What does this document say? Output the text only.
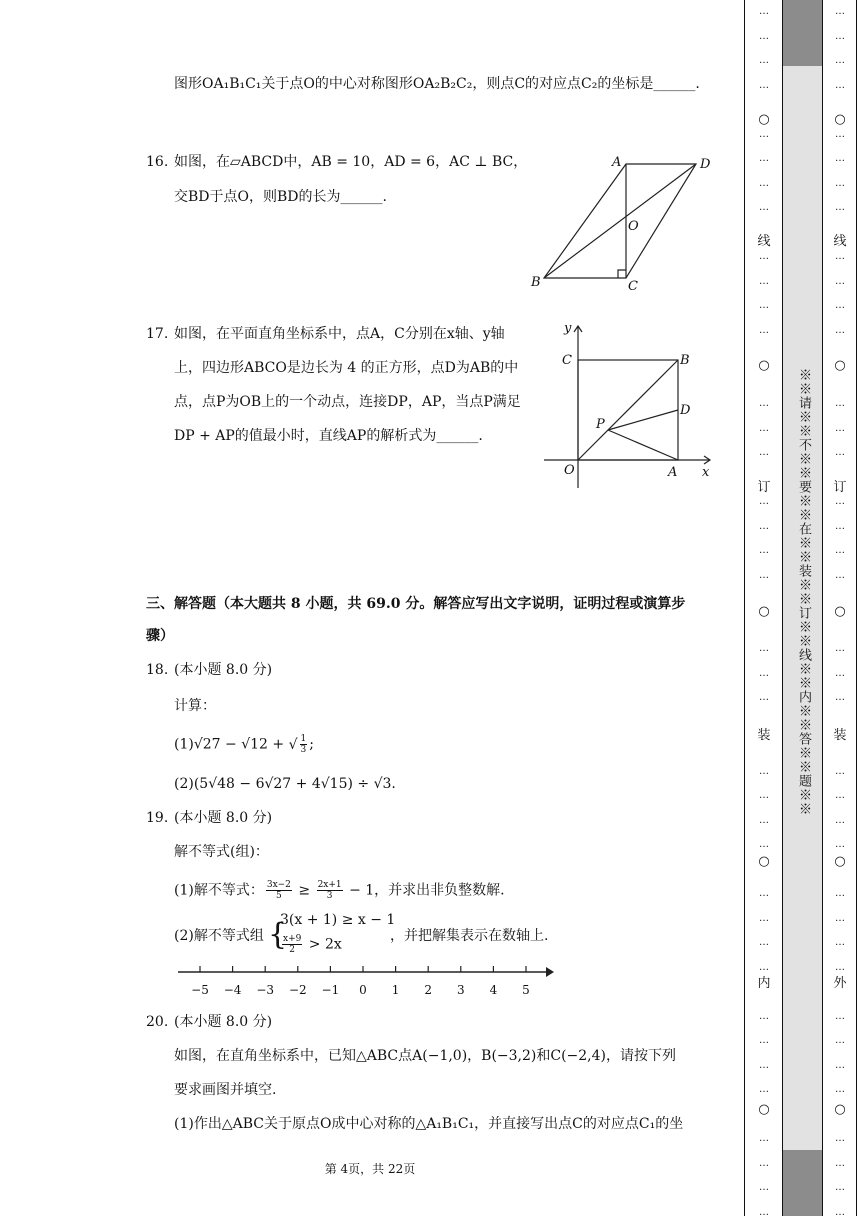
图形OA₁B₁C₁关于点O的中心对称图形OA₂B₂C₂，则点C的对应点C₂的坐标是______.
16. 如图，在▱ABCD中，AB = 10，AD = 6，AC ⊥ BC，
交BD于点O，则BD的长为______.
A	D
O
B	C
17. 如图，在平面直角坐标系中，点A，C分别在x轴、y轴
上，四边形ABCO是边长为 4 的正方形，点D为AB的中
点，点P为OB上的一个动点，连接DP，AP，当点P满足
DP + AP的值最小时，直线AP的解析式为______.
y
x
C	B
D
P
O	A
三、解答题（本大题共 8 小题，共 69.0 分。解答应写出文字说明，证明过程或演算步
骤）
18. (本小题 8.0 分)
计算：
(1)√27 − √12 + √ $\frac{1}{3}$ ;
(2)(5√48 − 6√27 + 4√15) ÷ √3.
19. (本小题 8.0 分)
解不等式(组)：
(1)解不等式： $\frac{3x-2}{5} \ge \frac{2x+1}{3} - 1$，并求出非负整数解.
(2)解不等式组 {
3(x + 1) ≥ x − 1
$\frac{x+9}{2} > 2x$
，并把解集表示在数轴上.
−5 −4 −3 −2 −1 0 1 2 3 4 5
20. (本小题 8.0 分)
如图，在直角坐标系中，已知△ABC点A(−1,0)，B(−3,2)和C(−2,4)，请按下列
要求画图并填空.
(1)作出△ABC关于原点O成中心对称的△A₁B₁C₁，并直接写出点C的对应点C₁的坐
第 4页，共 22页
…
…
…
…
…
…
…
…
…
…
…
…
…
…
…
…
…
…
…
…
…
…
…
…
…
…
…
…
…
…
…
…
…
…
…
…
…
…
○
○
○
○
○
线
订
装
内
…
…
…
…
…
…
…
…
…
…
…
…
…
…
…
…
…
…
…
…
…
…
…
…
…
…
…
…
…
…
…
…
…
…
…
…
…
…
○
○
○
○
○
线
订
装
外
※※请※※不※※要※※在※※装※※订※※线※※内※※答※※题※※
